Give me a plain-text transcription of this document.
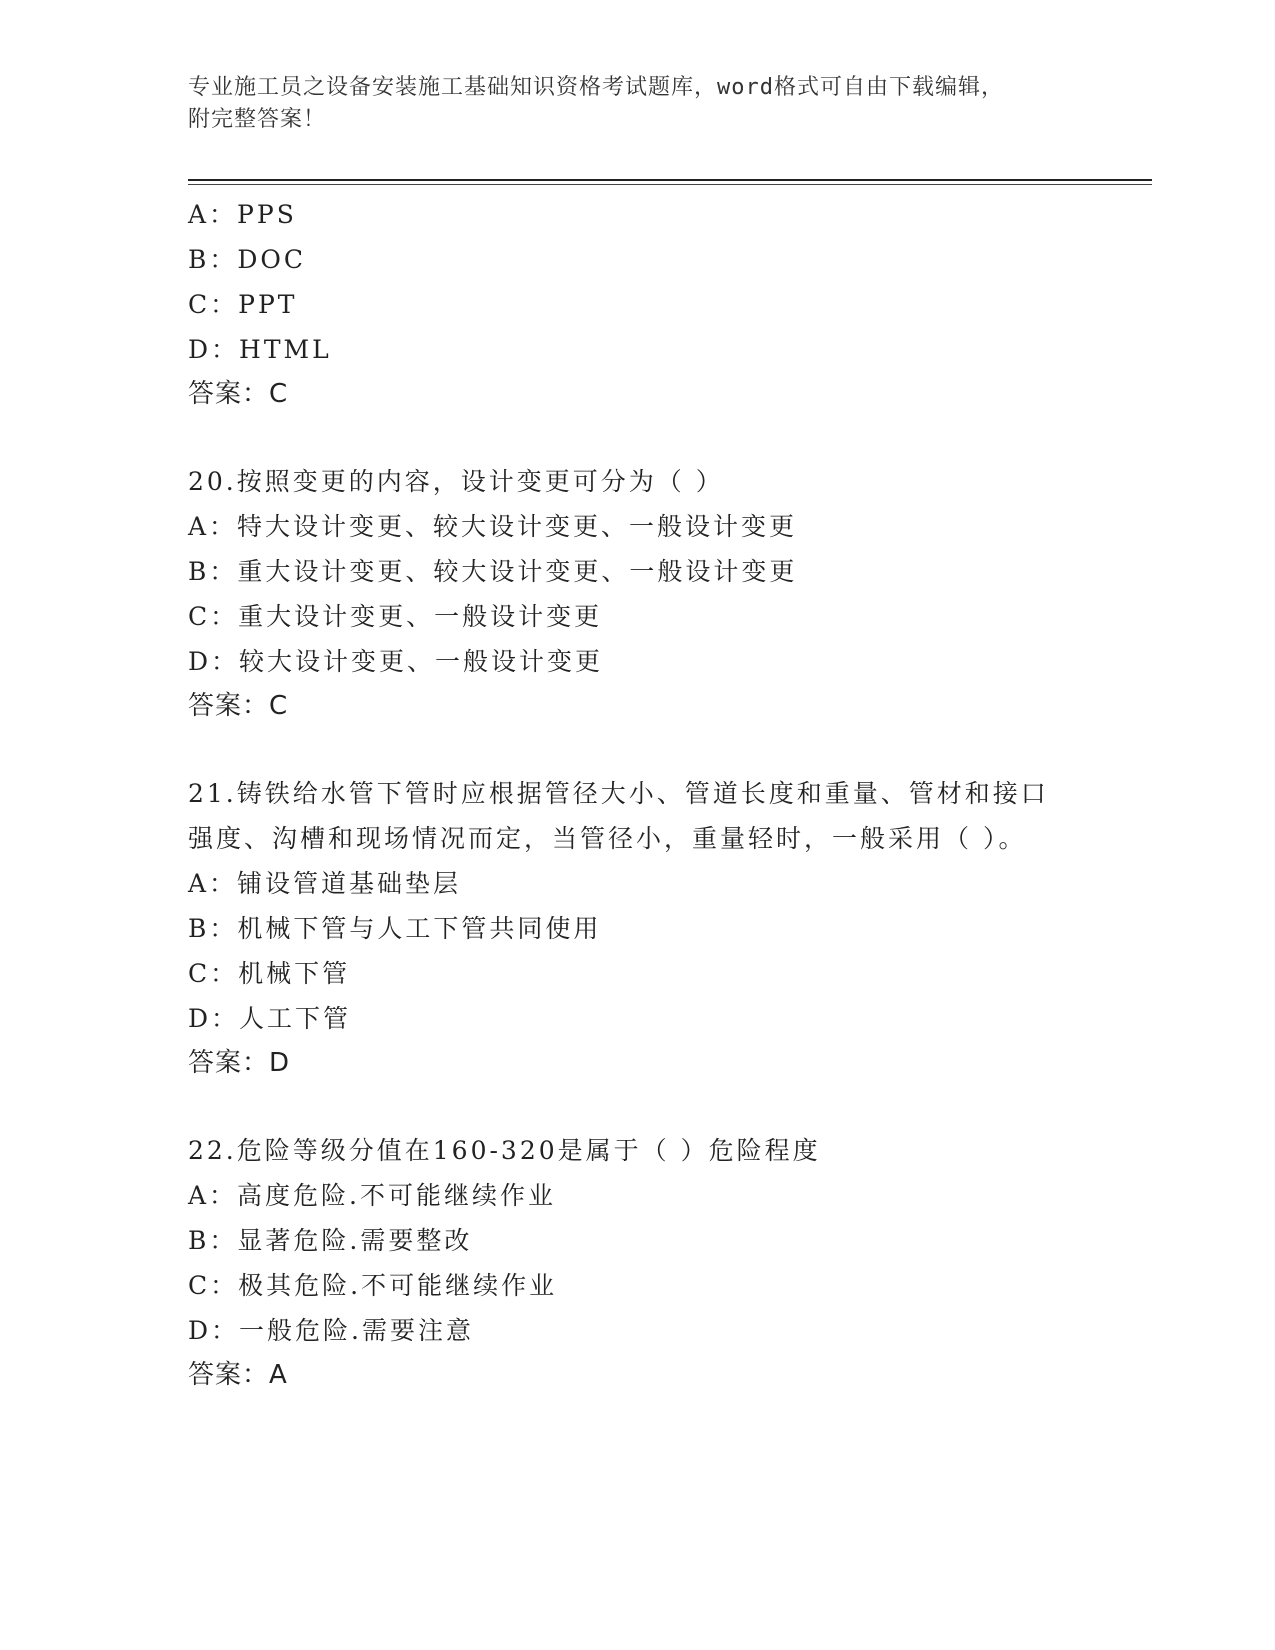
专业施工员之设备安装施工基础知识资格考试题库，word格式可自由下载编辑，
附完整答案！
A：PPS
B：DOC
C：PPT
D：HTML
答案：C
20.按照变更的内容，设计变更可分为（ ）
A：特大设计变更、较大设计变更、一般设计变更
B：重大设计变更、较大设计变更、一般设计变更
C：重大设计变更、一般设计变更
D：较大设计变更、一般设计变更
答案：C
21.铸铁给水管下管时应根据管径大小、管道长度和重量、管材和接口
强度、沟槽和现场情况而定，当管径小，重量轻时，一般采用（ ）。
A：铺设管道基础垫层
B：机械下管与人工下管共同使用
C：机械下管
D：人工下管
答案：D
22.危险等级分值在160-320是属于（ ）危险程度
A：高度危险.不可能继续作业
B：显著危险.需要整改
C：极其危险.不可能继续作业
D：一般危险.需要注意
答案：A
